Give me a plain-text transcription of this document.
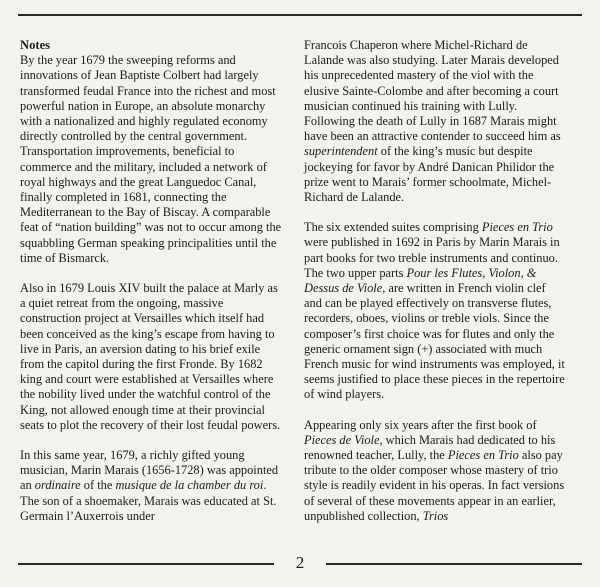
Notes

By the year 1679 the sweeping reforms and innovations of Jean Baptiste Colbert had largely transformed feudal France into the richest and most powerful nation in Europe, an absolute monarchy with a nationalized and highly regulated economy directly controlled by the central government. Transportation improvements, beneficial to commerce and the military, included a network of royal highways and the great Languedoc Canal, finally completed in 1681, connecting the Mediterranean to the Bay of Biscay. A comparable feat of “nation building” was not to occur among the squabbling German speaking principalities until the time of Bismarck.

Also in 1679 Louis XIV built the palace at Marly as a quiet retreat from the ongoing, massive construction project at Versailles which itself had been conceived as the king’s escape from having to live in Paris, an aversion dating to his brief exile from the capitol during the first Fronde. By 1682 king and court were established at Versailles where the nobility lived under the watchful control of the King, not allowed enough time at their provincial seats to plot the recovery of their lost feudal powers.

In this same year, 1679, a richly gifted young musician, Marin Marais (1656-1728) was appointed an ordinaire of the musique de la chamber du roi. The son of a shoemaker, Marais was educated at St. Germain l’Auxerrois under

Francois Chaperon where Michel-Richard de Lalande was also studying. Later Marais developed his unprecedented mastery of the viol with the elusive Sainte-Colombe and after becoming a court musician continued his training with Lully. Following the death of Lully in 1687 Marais might have been an attractive contender to succeed him as superintendent of the king’s music but despite jockeying for favor by André Danican Philidor the prize went to Marais’ former schoolmate, Michel-Richard de Lalande.

The six extended suites comprising Pieces en Trio were published in 1692 in Paris by Marin Marais in part books for two treble instruments and continuo. The two upper parts Pour les Flutes, Violon, & Dessus de Viole, are written in French violin clef and can be played effectively on transverse flutes, recorders, oboes, violins or treble viols. Since the composer’s first choice was for flutes and only the generic ornament sign (+) associated with much French music for wind instruments was employed, it seems justified to place these pieces in the repertoire of wind players.

Appearing only six years after the first book of Pieces de Viole, which Marais had dedicated to his renowned teacher, Lully, the Pieces en Trio also pay tribute to the older composer whose mastery of trio style is readily evident in his operas. In fact versions of several of these movements appear in an earlier, unpublished collection, Trios

2
